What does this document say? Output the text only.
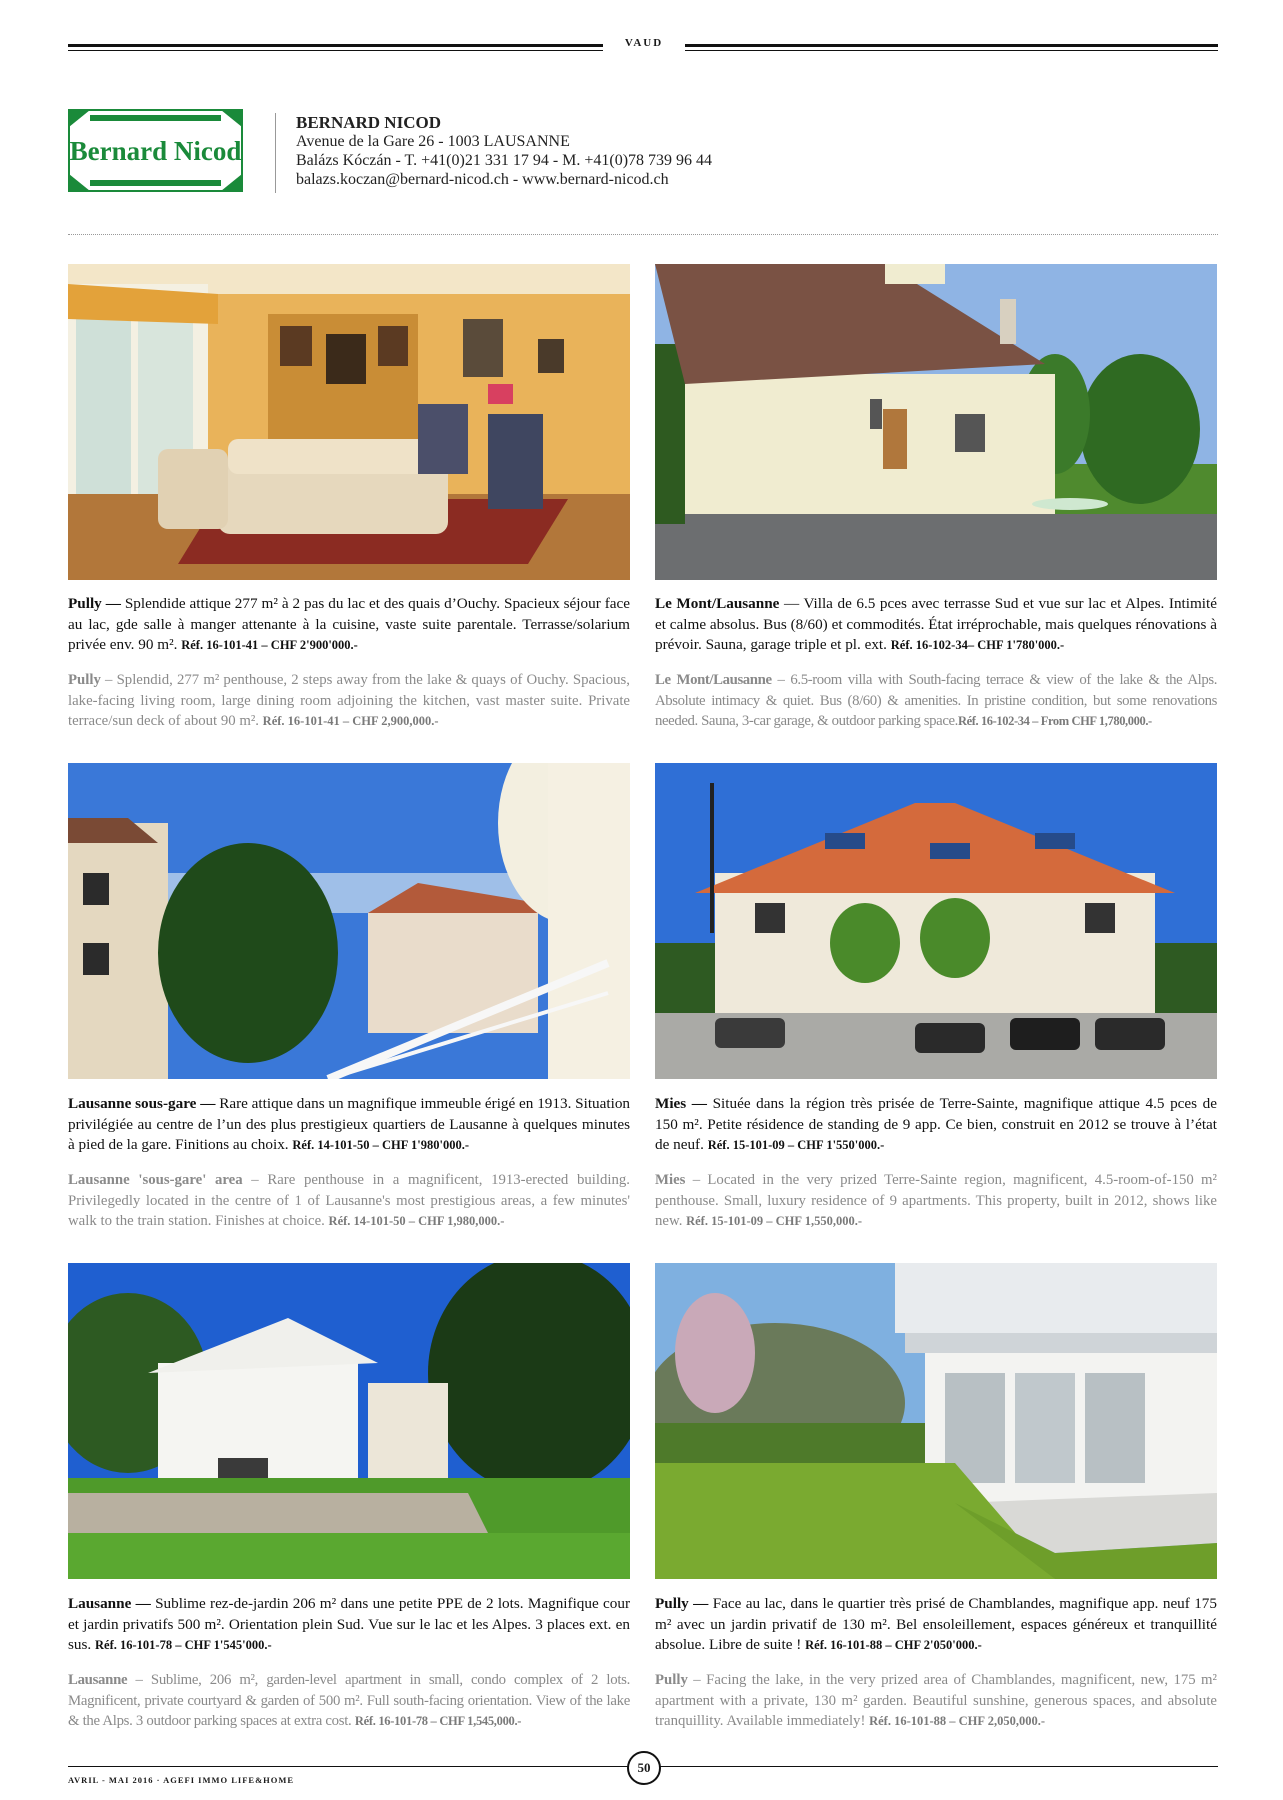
VAUD
Bernard Nicod
BERNARD NICOD
Avenue de la Gare 26 - 1003 LAUSANNE
Balázs Kóczán - T. +41(0)21 331 17 94 - M. +41(0)78 739 96 44
balazs.koczan@bernard-nicod.ch - www.bernard-nicod.ch
Pully — Splendide attique 277 m² à 2 pas du lac et des quais d’Ouchy. Spacieux séjour face au lac, gde salle à manger attenante à la cuisine, vaste suite parentale. Terrasse/solarium privée env. 90 m². Réf. 16-101-41 – CHF 2'900'000.-
Pully – Splendid, 277 m² penthouse, 2 steps away from the lake & quays of Ouchy. Spacious, lake-facing living room, large dining room adjoining the kitchen, vast master suite. Private terrace/sun deck of about 90 m². Réf. 16-101-41 – CHF 2,900,000.-
Le Mont/Lausanne — Villa de 6.5 pces avec terrasse Sud et vue sur lac et Alpes. Intimité et calme absolus. Bus (8/60) et commodités. État irréprochable, mais quelques rénovations à prévoir. Sauna, garage triple et pl. ext. Réf. 16-102-34– CHF 1'780'000.-
Le Mont/Lausanne – 6.5-room villa with South-facing terrace & view of the lake & the Alps. Absolute intimacy & quiet. Bus (8/60) & amenities. In pristine condition, but some renovations needed. Sauna, 3-car garage, & outdoor parking space.Réf. 16-102-34 – From CHF 1,780,000.-
Lausanne sous-gare — Rare attique dans un magnifique immeuble érigé en 1913. Situation privilégiée au centre de l’un des plus prestigieux quartiers de Lausanne à quelques minutes à pied de la gare. Finitions au choix. Réf. 14-101-50 – CHF 1'980'000.-
Lausanne 'sous-gare' area – Rare penthouse in a magnificent, 1913-erected building. Privilegedly located in the centre of 1 of Lausanne's most prestigious areas, a few minutes' walk to the train station. Finishes at choice. Réf. 14-101-50 – CHF 1,980,000.-
Mies — Située dans la région très prisée de Terre-Sainte, magnifique attique 4.5 pces de 150 m². Petite résidence de standing de 9 app. Ce bien, construit en 2012 se trouve à l’état de neuf. Réf. 15-101-09 – CHF 1'550'000.-
Mies – Located in the very prized Terre-Sainte region, magnificent, 4.5-room-of-150 m² penthouse. Small, luxury residence of 9 apartments. This property, built in 2012, shows like new. Réf. 15-101-09 – CHF 1,550,000.-
Lausanne — Sublime rez-de-jardin 206 m² dans une petite PPE de 2 lots. Magnifique cour et jardin privatifs 500 m². Orientation plein Sud. Vue sur le lac et les Alpes. 3 places ext. en sus. Réf. 16-101-78 – CHF 1'545'000.-
Lausanne – Sublime, 206 m², garden-level apartment in small, condo complex of 2 lots. Magnificent, private courtyard & garden of 500 m². Full south-facing orientation. View of the lake & the Alps. 3 outdoor parking spaces at extra cost. Réf. 16-101-78 – CHF 1,545,000.-
Pully — Face au lac, dans le quartier très prisé de Chamblandes, magnifique app. neuf 175 m² avec un jardin privatif de 130 m². Bel ensoleillement, espaces généreux et tranquillité absolue. Libre de suite ! Réf. 16-101-88 – CHF 2'050'000.-
Pully – Facing the lake, in the very prized area of Chamblandes, magnificent, new, 175 m² apartment with a private, 130 m² garden. Beautiful sunshine, generous spaces, and absolute tranquillity. Available immediately! Réf. 16-101-88 – CHF 2,050,000.-
AVRIL - MAI 2016 · AGEFI IMMO LIFE&HOME
50
